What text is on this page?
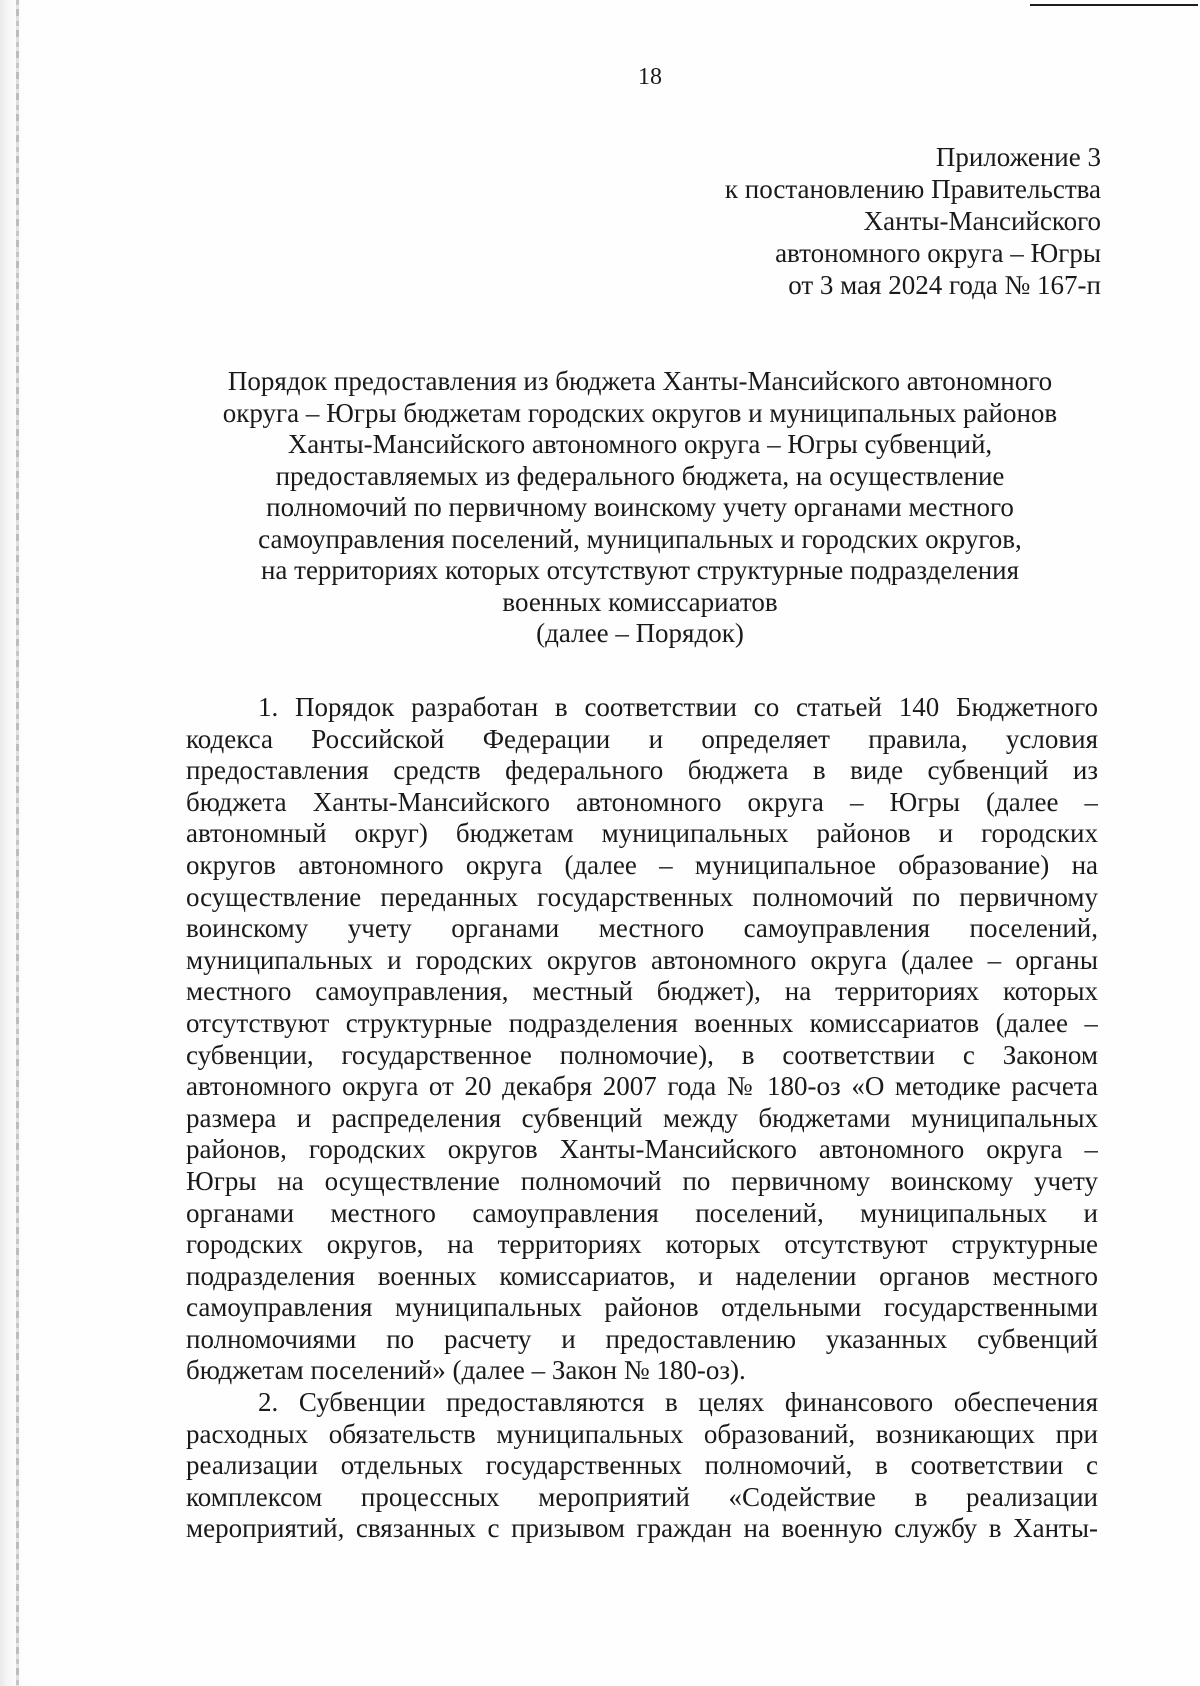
18
Приложение 3
к постановлению Правительства
Ханты-Мансийского
автономного округа – Югры
от 3 мая 2024 года № 167-п
Порядок предоставления из бюджета Ханты-Мансийского автономного
округа – Югры бюджетам городских округов и муниципальных районов
Ханты-Мансийского автономного округа – Югры субвенций,
предоставляемых из федерального бюджета, на осуществление
полномочий по первичному воинскому учету органами местного
самоуправления поселений, муниципальных и городских округов,
на территориях которых отсутствуют структурные подразделения
военных комиссариатов
(далее – Порядок)
1. Порядок разработан в соответствии со статьей 140 Бюджетного
кодекса Российской Федерации и определяет правила, условия
предоставления средств федерального бюджета в виде субвенций из
бюджета Ханты-Мансийского автономного округа – Югры (далее –
автономный округ) бюджетам муниципальных районов и городских
округов автономного округа (далее – муниципальное образование) на
осуществление переданных государственных полномочий по первичному
воинскому учету органами местного самоуправления поселений,
муниципальных и городских округов автономного округа (далее – органы
местного самоуправления, местный бюджет), на территориях которых
отсутствуют структурные подразделения военных комиссариатов (далее –
субвенции, государственное полномочие), в соответствии с Законом
автономного округа от 20 декабря 2007 года № 180-оз «О методике расчета
размера и распределения субвенций между бюджетами муниципальных
районов, городских округов Ханты-Мансийского автономного округа –
Югры на осуществление полномочий по первичному воинскому учету
органами местного самоуправления поселений, муниципальных и
городских округов, на территориях которых отсутствуют структурные
подразделения военных комиссариатов, и наделении органов местного
самоуправления муниципальных районов отдельными государственными
полномочиями по расчету и предоставлению указанных субвенций
бюджетам поселений» (далее – Закон № 180-оз).
2. Субвенции предоставляются в целях финансового обеспечения
расходных обязательств муниципальных образований, возникающих при
реализации отдельных государственных полномочий, в соответствии с
комплексом процессных мероприятий «Содействие в реализации
мероприятий, связанных с призывом граждан на военную службу в Ханты-
